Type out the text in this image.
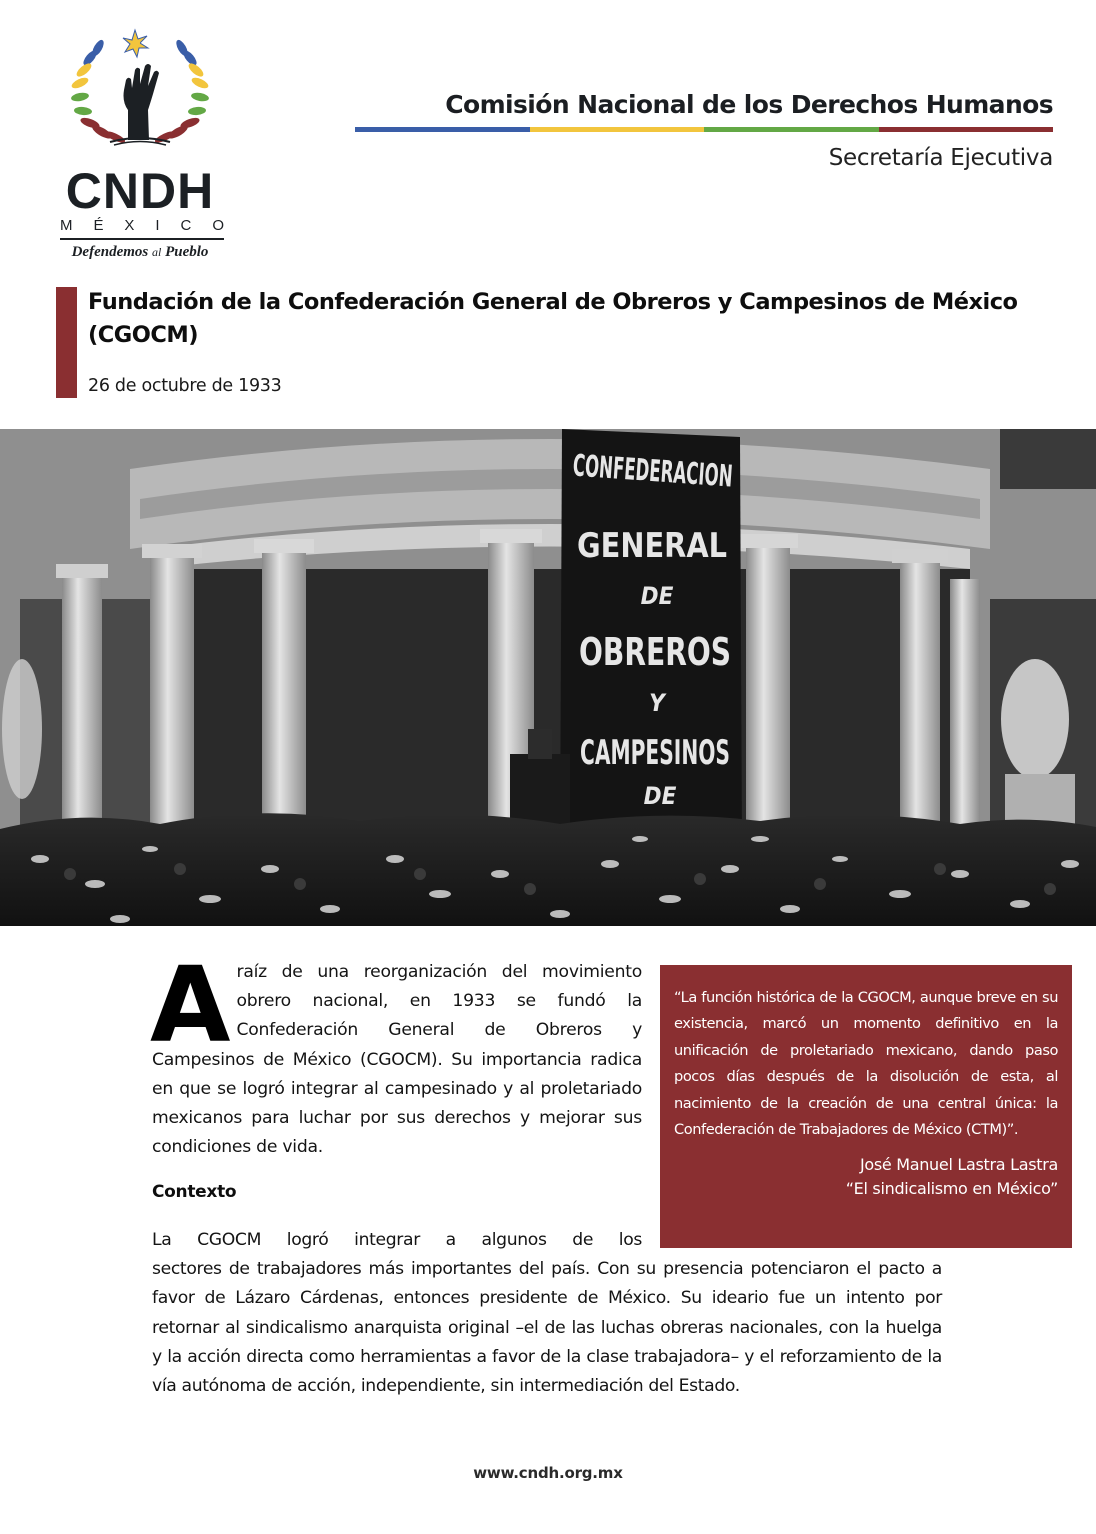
CNDH
M É X I C O
Defendemos al Pueblo
Comisión Nacional de los Derechos Humanos
Secretaría Ejecutiva
Fundación de la Confederación General de Obreros y Campesinos de México (CGOCM)
26 de octubre de 1933
CONFEDERACION
GENERAL
DE
OBREROS
Y
CAMPESINOS
DE
Araíz de una reorganización del movimiento obrero nacional, en 1933 se fundó la Confederación General de Obreros y Campesinos de México (CGOCM). Su importancia radica en que se logró integrar al campesinado y al proletariado mexicanos para luchar por sus derechos y mejorar sus condiciones de vida.

“La función histórica de la CGOCM, aunque breve en su existencia, marcó un momento definitivo en la unificación de proletariado mexicano, dando paso pocos días después de la disolución de esta, al nacimiento de la creación de una central única: la Confederación de Trabajadores de México (CTM)”.

José Manuel Lastra Lastra
“El sindicalismo en México”
Contexto
La CGOCM logró integrar a algunos de los
sectores de trabajadores más importantes del país. Con su presencia potenciaron el pacto a favor de Lázaro Cárdenas, entonces presidente de México. Su ideario fue un intento por retornar al sindicalismo anarquista original –el de las luchas obreras nacionales, con la huelga y la acción directa como herramientas a favor de la clase trabajadora– y el reforzamiento de la vía autónoma de acción, independiente, sin intermediación del Estado.
www.cndh.org.mx
